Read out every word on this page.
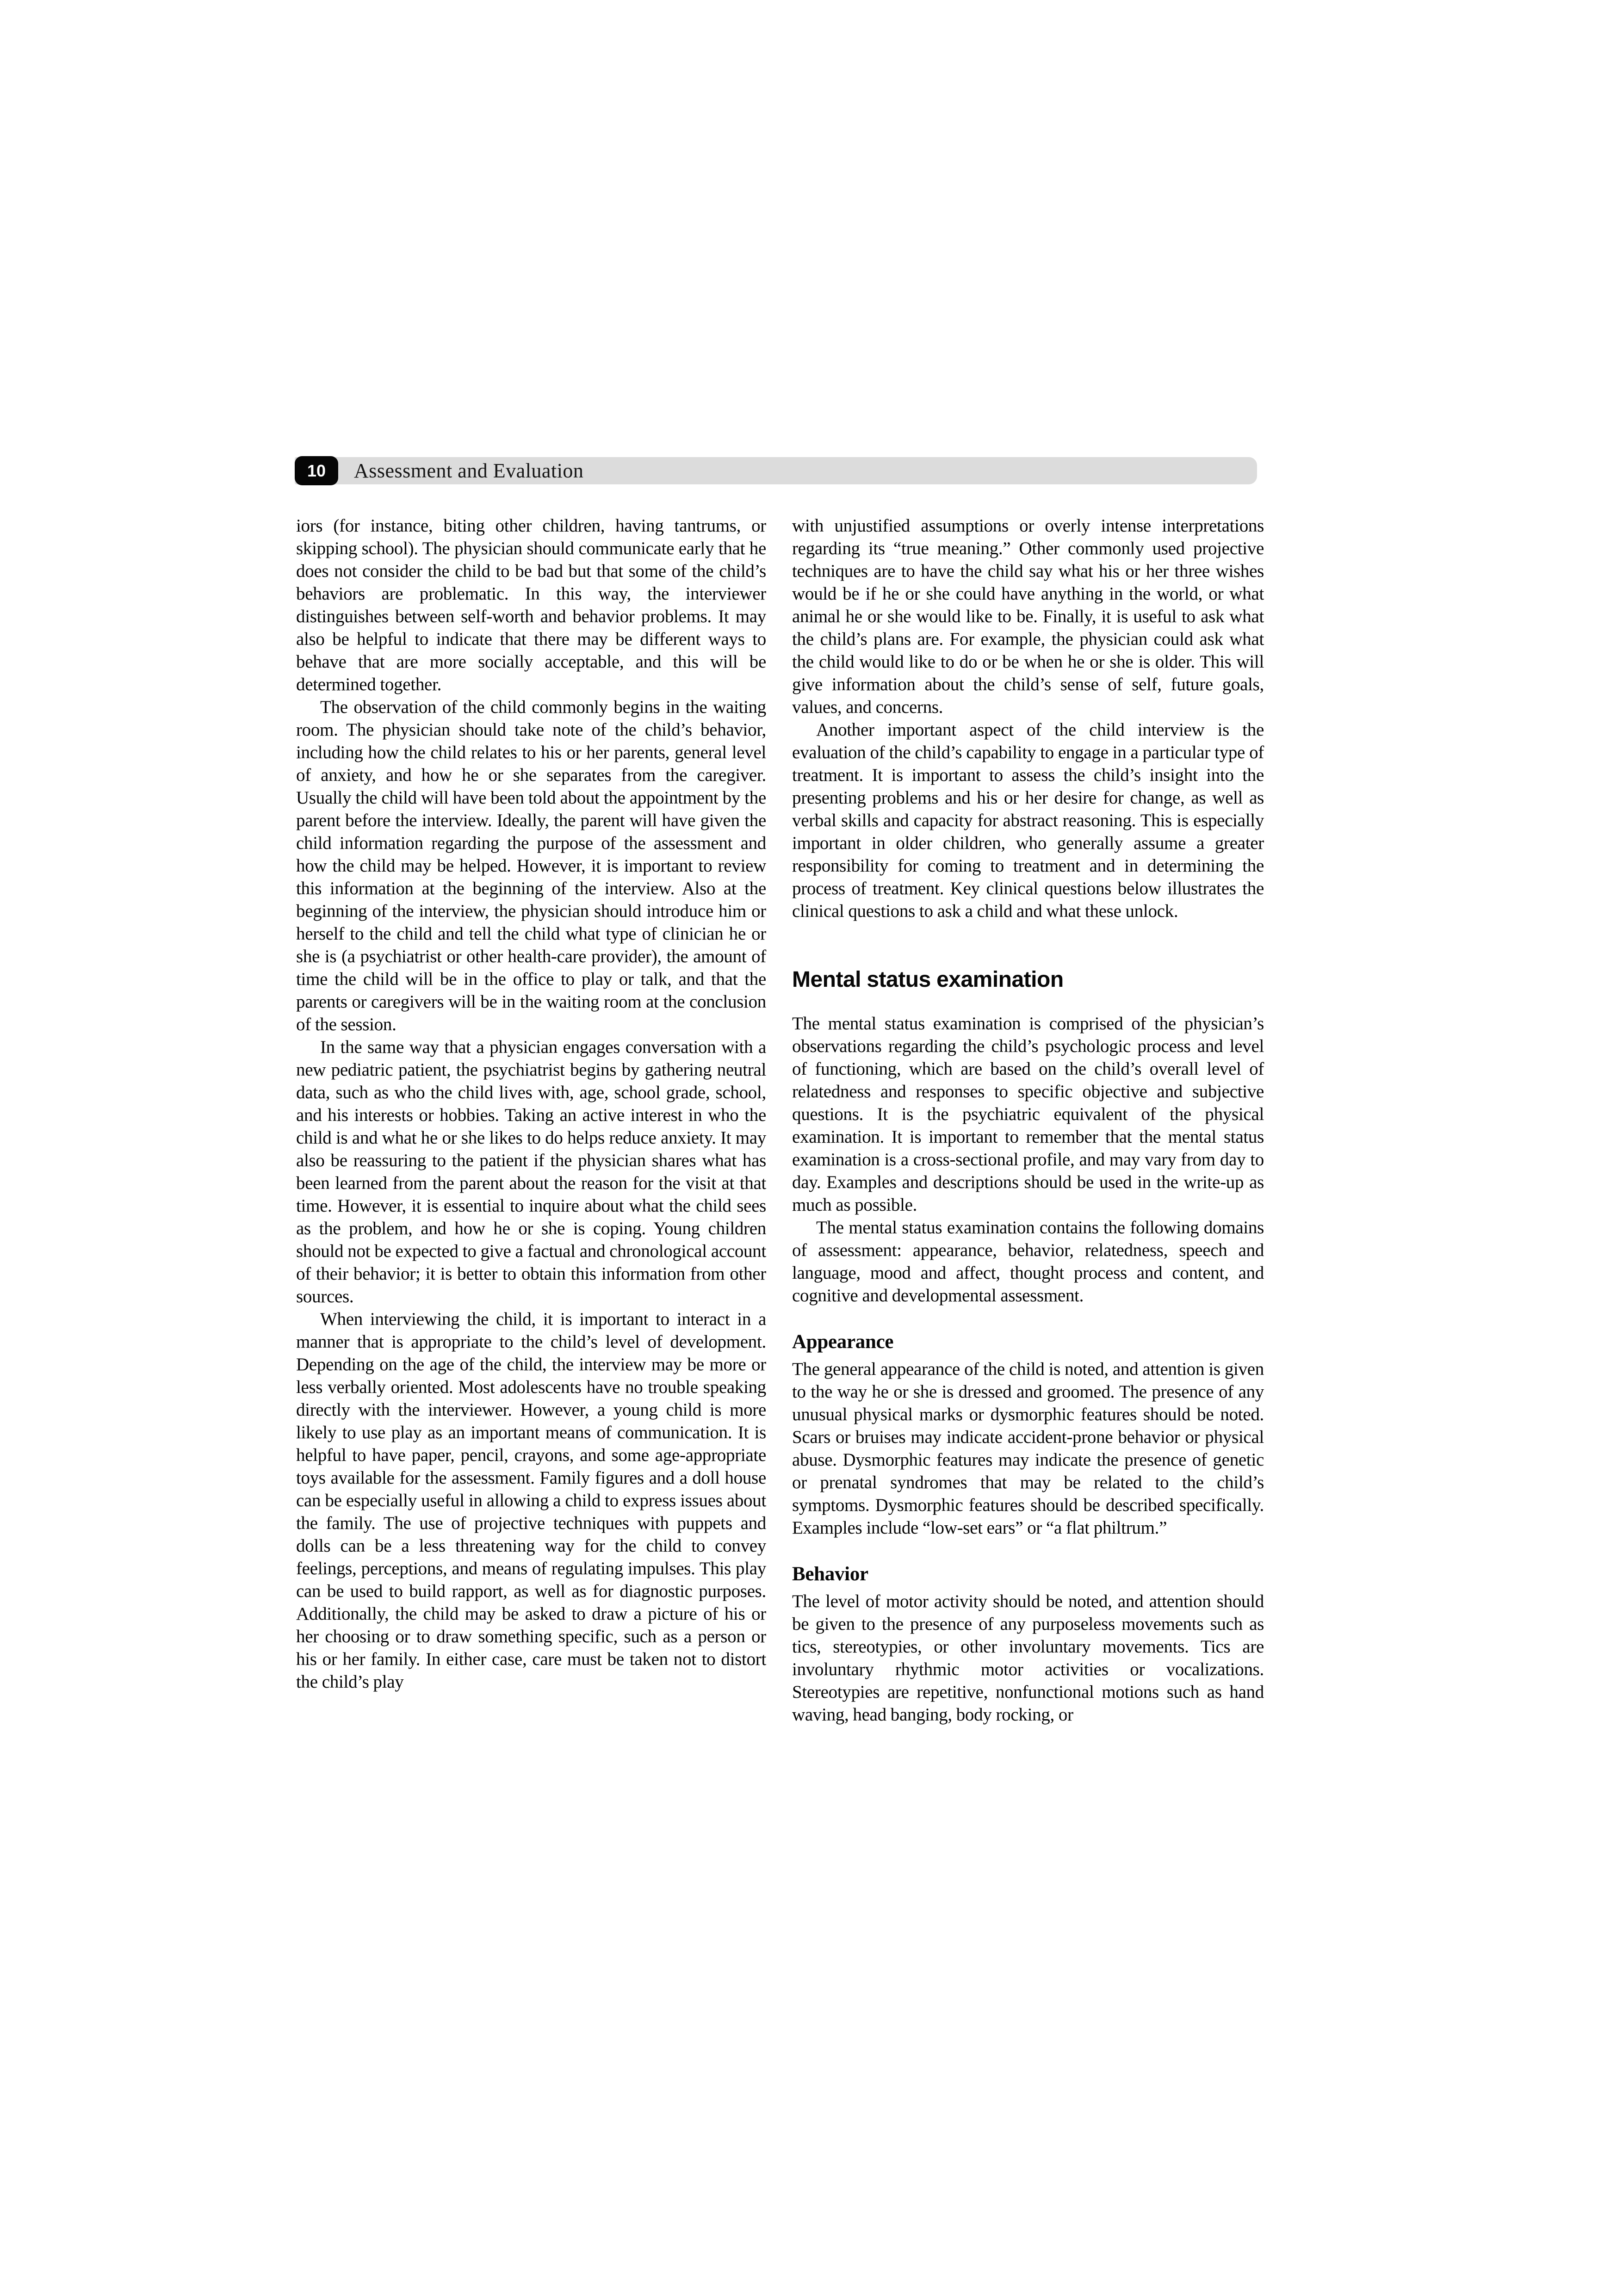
10 Assessment and Evaluation

iors (for instance, biting other children, having tantrums, or skipping school). The physician should communicate early that he does not consider the child to be bad but that some of the child’s behaviors are problematic. In this way, the interviewer distinguishes between self-worth and behavior problems. It may also be helpful to indicate that there may be different ways to behave that are more socially acceptable, and this will be determined together.

The observation of the child commonly begins in the waiting room. The physician should take note of the child’s behavior, including how the child relates to his or her parents, general level of anxiety, and how he or she separates from the caregiver. Usually the child will have been told about the appointment by the parent before the interview. Ideally, the parent will have given the child information regarding the purpose of the assessment and how the child may be helped. However, it is important to review this information at the beginning of the interview. Also at the beginning of the interview, the physician should introduce him or herself to the child and tell the child what type of clinician he or she is (a psychiatrist or other health-care provider), the amount of time the child will be in the office to play or talk, and that the parents or caregivers will be in the waiting room at the conclusion of the session.

In the same way that a physician engages conversation with a new pediatric patient, the psychiatrist begins by gathering neutral data, such as who the child lives with, age, school grade, school, and his interests or hobbies. Taking an active interest in who the child is and what he or she likes to do helps reduce anxiety. It may also be reassuring to the patient if the physician shares what has been learned from the parent about the reason for the visit at that time. However, it is essential to inquire about what the child sees as the problem, and how he or she is coping. Young children should not be expected to give a factual and chronological account of their behavior; it is better to obtain this information from other sources.

When interviewing the child, it is important to interact in a manner that is appropriate to the child’s level of development. Depending on the age of the child, the interview may be more or less verbally oriented. Most adolescents have no trouble speaking directly with the interviewer. However, a young child is more likely to use play as an important means of communication. It is helpful to have paper, pencil, crayons, and some age-appropriate toys available for the assessment. Family figures and a doll house can be especially useful in allowing a child to express issues about the family. The use of projective techniques with puppets and dolls can be a less threatening way for the child to convey feelings, perceptions, and means of regulating impulses. This play can be used to build rapport, as well as for diagnostic purposes. Additionally, the child may be asked to draw a picture of his or her choosing or to draw something specific, such as a person or his or her family. In either case, care must be taken not to distort the child’s play

with unjustified assumptions or overly intense interpretations regarding its “true meaning.” Other commonly used projective techniques are to have the child say what his or her three wishes would be if he or she could have anything in the world, or what animal he or she would like to be. Finally, it is useful to ask what the child’s plans are. For example, the physician could ask what the child would like to do or be when he or she is older. This will give information about the child’s sense of self, future goals, values, and concerns.

Another important aspect of the child interview is the evaluation of the child’s capability to engage in a particular type of treatment. It is important to assess the child’s insight into the presenting problems and his or her desire for change, as well as verbal skills and capacity for abstract reasoning. This is especially important in older children, who generally assume a greater responsibility for coming to treatment and in determining the process of treatment. Key clinical questions below illustrates the clinical questions to ask a child and what these unlock.

Mental status examination

The mental status examination is comprised of the physician’s observations regarding the child’s psychologic process and level of functioning, which are based on the child’s overall level of relatedness and responses to specific objective and subjective questions. It is the psychiatric equivalent of the physical examination. It is important to remember that the mental status examination is a cross-sectional profile, and may vary from day to day. Examples and descriptions should be used in the write-up as much as possible.

The mental status examination contains the following domains of assessment: appearance, behavior, relatedness, speech and language, mood and affect, thought process and content, and cognitive and developmental assessment.

Appearance

The general appearance of the child is noted, and attention is given to the way he or she is dressed and groomed. The presence of any unusual physical marks or dysmorphic features should be noted. Scars or bruises may indicate accident-prone behavior or physical abuse. Dysmorphic features may indicate the presence of genetic or prenatal syndromes that may be related to the child’s symptoms. Dysmorphic features should be described specifically. Examples include “low-set ears” or “a flat philtrum.”

Behavior

The level of motor activity should be noted, and attention should be given to the presence of any purposeless movements such as tics, stereotypies, or other involuntary movements. Tics are involuntary rhythmic motor activities or vocalizations. Stereotypies are repetitive, nonfunctional motions such as hand waving, head banging, body rocking, or
